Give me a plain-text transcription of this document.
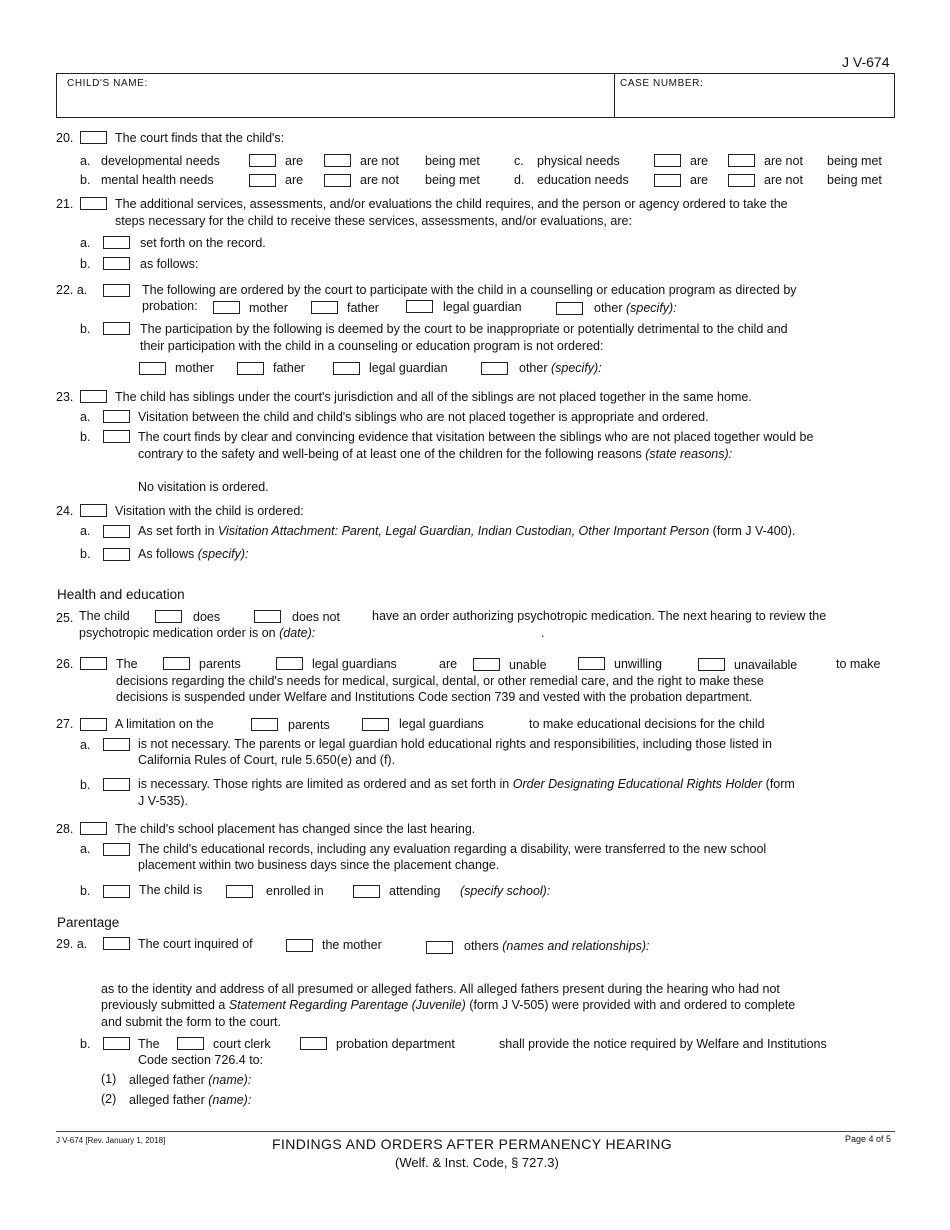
J V-674
CHILD'S NAME:	CASE NUMBER:
20.	The court finds that the child's:
a. developmental needs	are	are not being met	c. physical needs	are	are not being met
b. mental health needs	are	are not being met	d. education needs	are	are not being met
21.	The additional services, assessments, and/or evaluations the child requires, and the person or agency ordered to take the
steps necessary for the child to receive these services, assessments, and/or evaluations, are:
a.	set forth on the record.
b.	as follows:
22. a.	The following are ordered by the court to participate with the child in a counselling or education program as directed by
probation:	mother	father	legal guardian	other (specify):
b.	The participation by the following is deemed by the court to be inappropriate or potentially detrimental to the child and
their participation with the child in a counseling or education program is not ordered:
mother	father	legal guardian	other (specify):
23.	The child has siblings under the court's jurisdiction and all of the siblings are not placed together in the same home.
a.	Visitation between the child and child's siblings who are not placed together is appropriate and ordered.
b.	The court finds by clear and convincing evidence that visitation between the siblings who are not placed together would be
contrary to the safety and well-being of at least one of the children for the following reasons (state reasons):
No visitation is ordered.
24.	Visitation with the child is ordered:
a.	As set forth in Visitation Attachment: Parent, Legal Guardian, Indian Custodian, Other Important Person (form J V-400).
b.	As follows (specify):
Health and education
25. The child	does	does not	have an order authorizing psychotropic medication. The next hearing to review the
psychotropic medication order is on (date):	.
26.	The	parents	legal guardians	are	unable	unwilling	unavailable	to make
decisions regarding the child's needs for medical, surgical, dental, or other remedial care, and the right to make these
decisions is suspended under Welfare and Institutions Code section 739 and vested with the probation department.
27.	A limitation on the	parents	legal guardians	to make educational decisions for the child
a.	is not necessary. The parents or legal guardian hold educational rights and responsibilities, including those listed in
California Rules of Court, rule 5.650(e) and (f).
b.	is necessary. Those rights are limited as ordered and as set forth in Order Designating Educational Rights Holder (form
J V-535).
28.	The child's school placement has changed since the last hearing.
a.	The child's educational records, including any evaluation regarding a disability, were transferred to the new school
placement within two business days since the placement change.
b.	The child is	enrolled in	attending (specify school):
Parentage
29. a.	The court inquired of	the mother	others (names and relationships):
as to the identity and address of all presumed or alleged fathers. All alleged fathers present during the hearing who had not
previously submitted a Statement Regarding Parentage (Juvenile) (form J V-505) were provided with and ordered to complete
and submit the form to the court.
b.	The	court clerk	probation department	shall provide the notice required by Welfare and Institutions
Code section 726.4 to:
(1) alleged father (name):
(2) alleged father (name):
J V-674 [Rev. January 1, 2018]	FINDINGS AND ORDERS AFTER PERMANENCY HEARING
(Welf. & Inst. Code, § 727.3)
Page 4 of 5
